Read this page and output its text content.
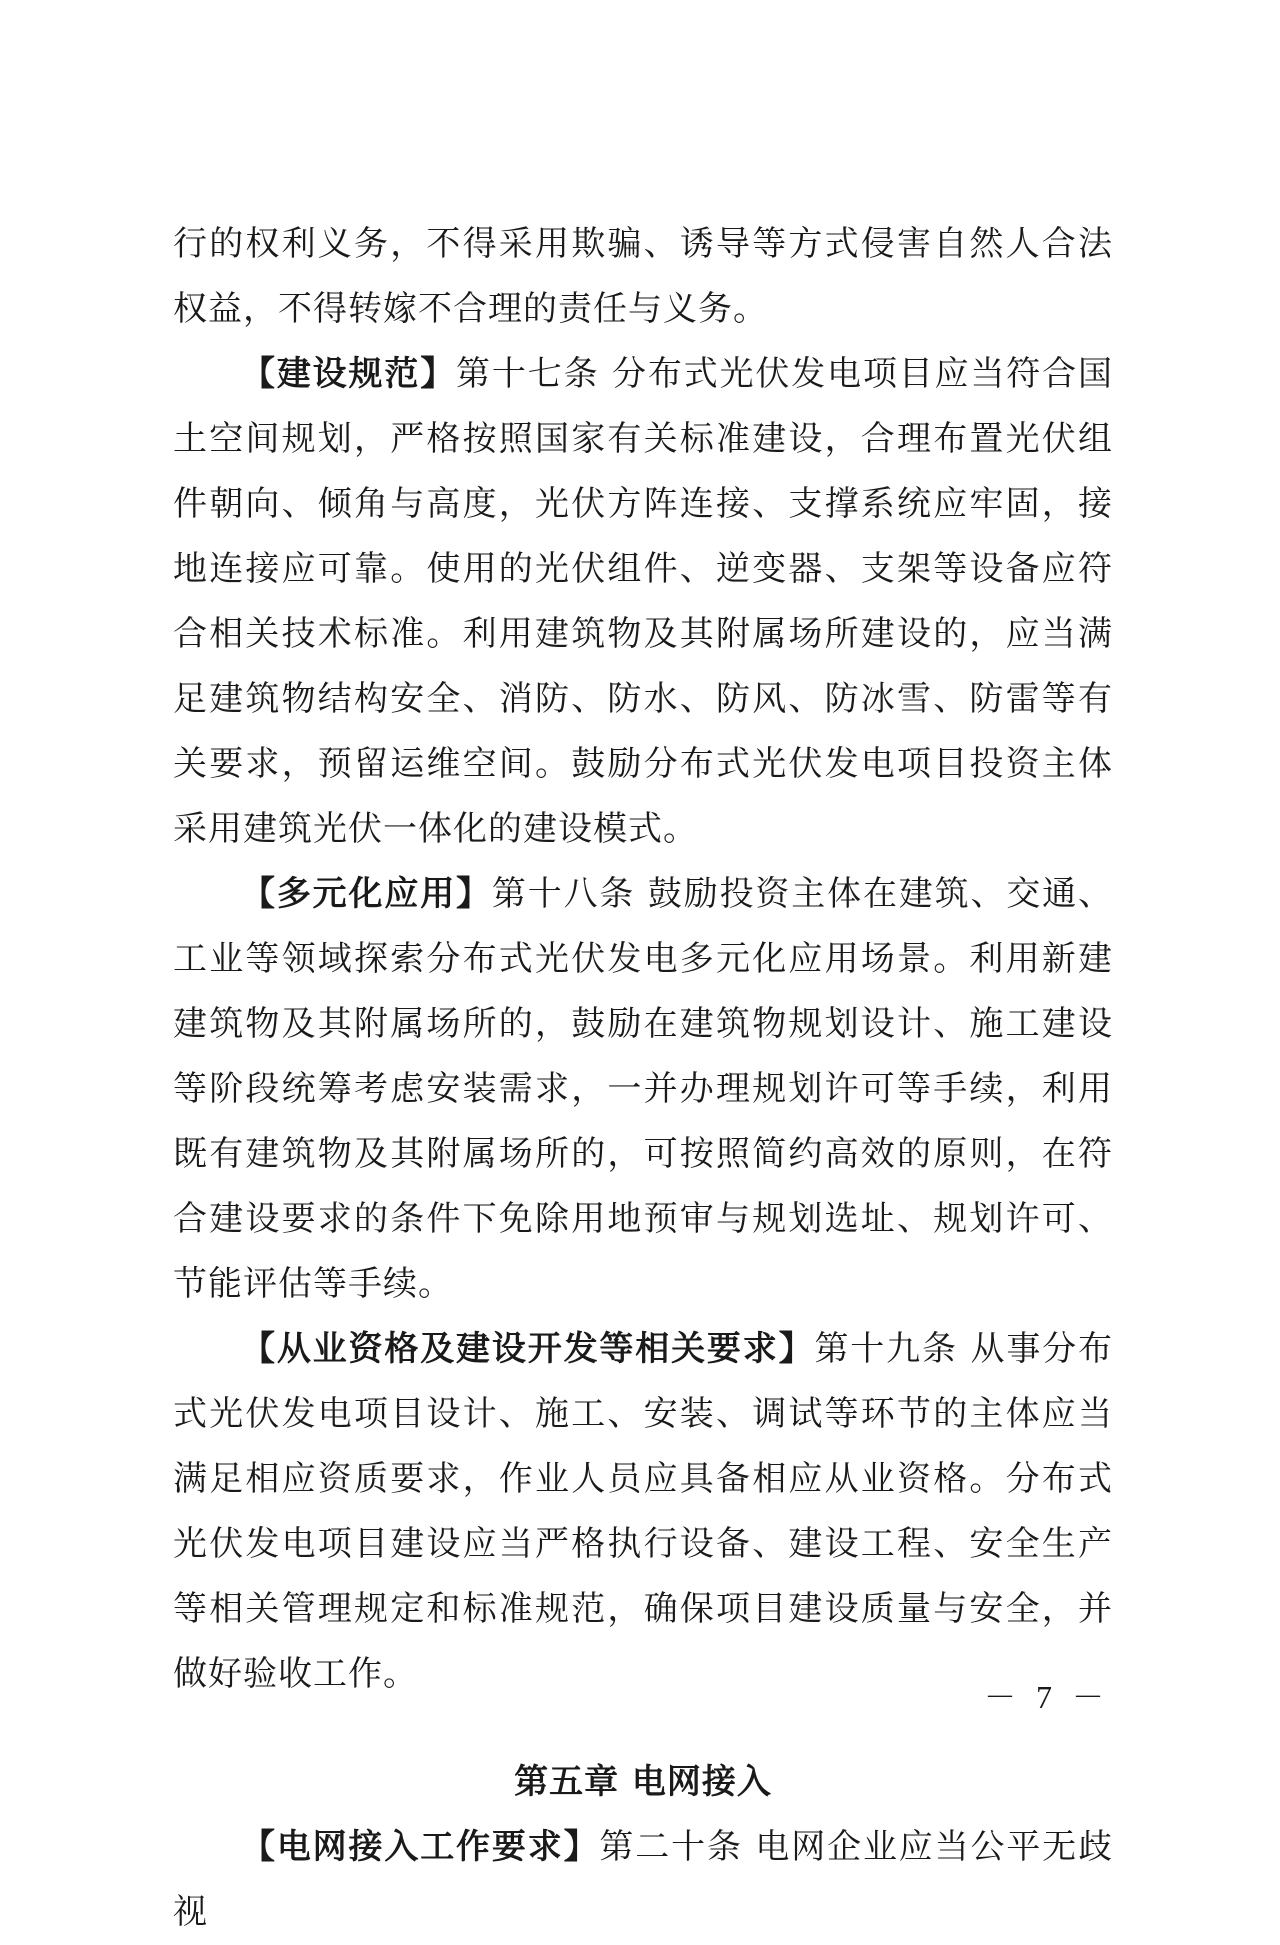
行的权利义务，不得采用欺骗、诱导等方式侵害自然人合法权益，不得转嫁不合理的责任与义务。

【建设规范】第十七条 分布式光伏发电项目应当符合国土空间规划，严格按照国家有关标准建设，合理布置光伏组件朝向、倾角与高度，光伏方阵连接、支撑系统应牢固，接地连接应可靠。使用的光伏组件、逆变器、支架等设备应符合相关技术标准。利用建筑物及其附属场所建设的，应当满足建筑物结构安全、消防、防水、防风、防冰雪、防雷等有关要求，预留运维空间。鼓励分布式光伏发电项目投资主体采用建筑光伏一体化的建设模式。

【多元化应用】第十八条 鼓励投资主体在建筑、交通、工业等领域探索分布式光伏发电多元化应用场景。利用新建建筑物及其附属场所的，鼓励在建筑物规划设计、施工建设等阶段统筹考虑安装需求，一并办理规划许可等手续，利用既有建筑物及其附属场所的，可按照简约高效的原则，在符合建设要求的条件下免除用地预审与规划选址、规划许可、节能评估等手续。

【从业资格及建设开发等相关要求】第十九条 从事分布式光伏发电项目设计、施工、安装、调试等环节的主体应当满足相应资质要求，作业人员应具备相应从业资格。分布式光伏发电项目建设应当严格执行设备、建设工程、安全生产等相关管理规定和标准规范，确保项目建设质量与安全，并做好验收工作。

第五章 电网接入

【电网接入工作要求】第二十条 电网企业应当公平无歧视

－ 7 －
